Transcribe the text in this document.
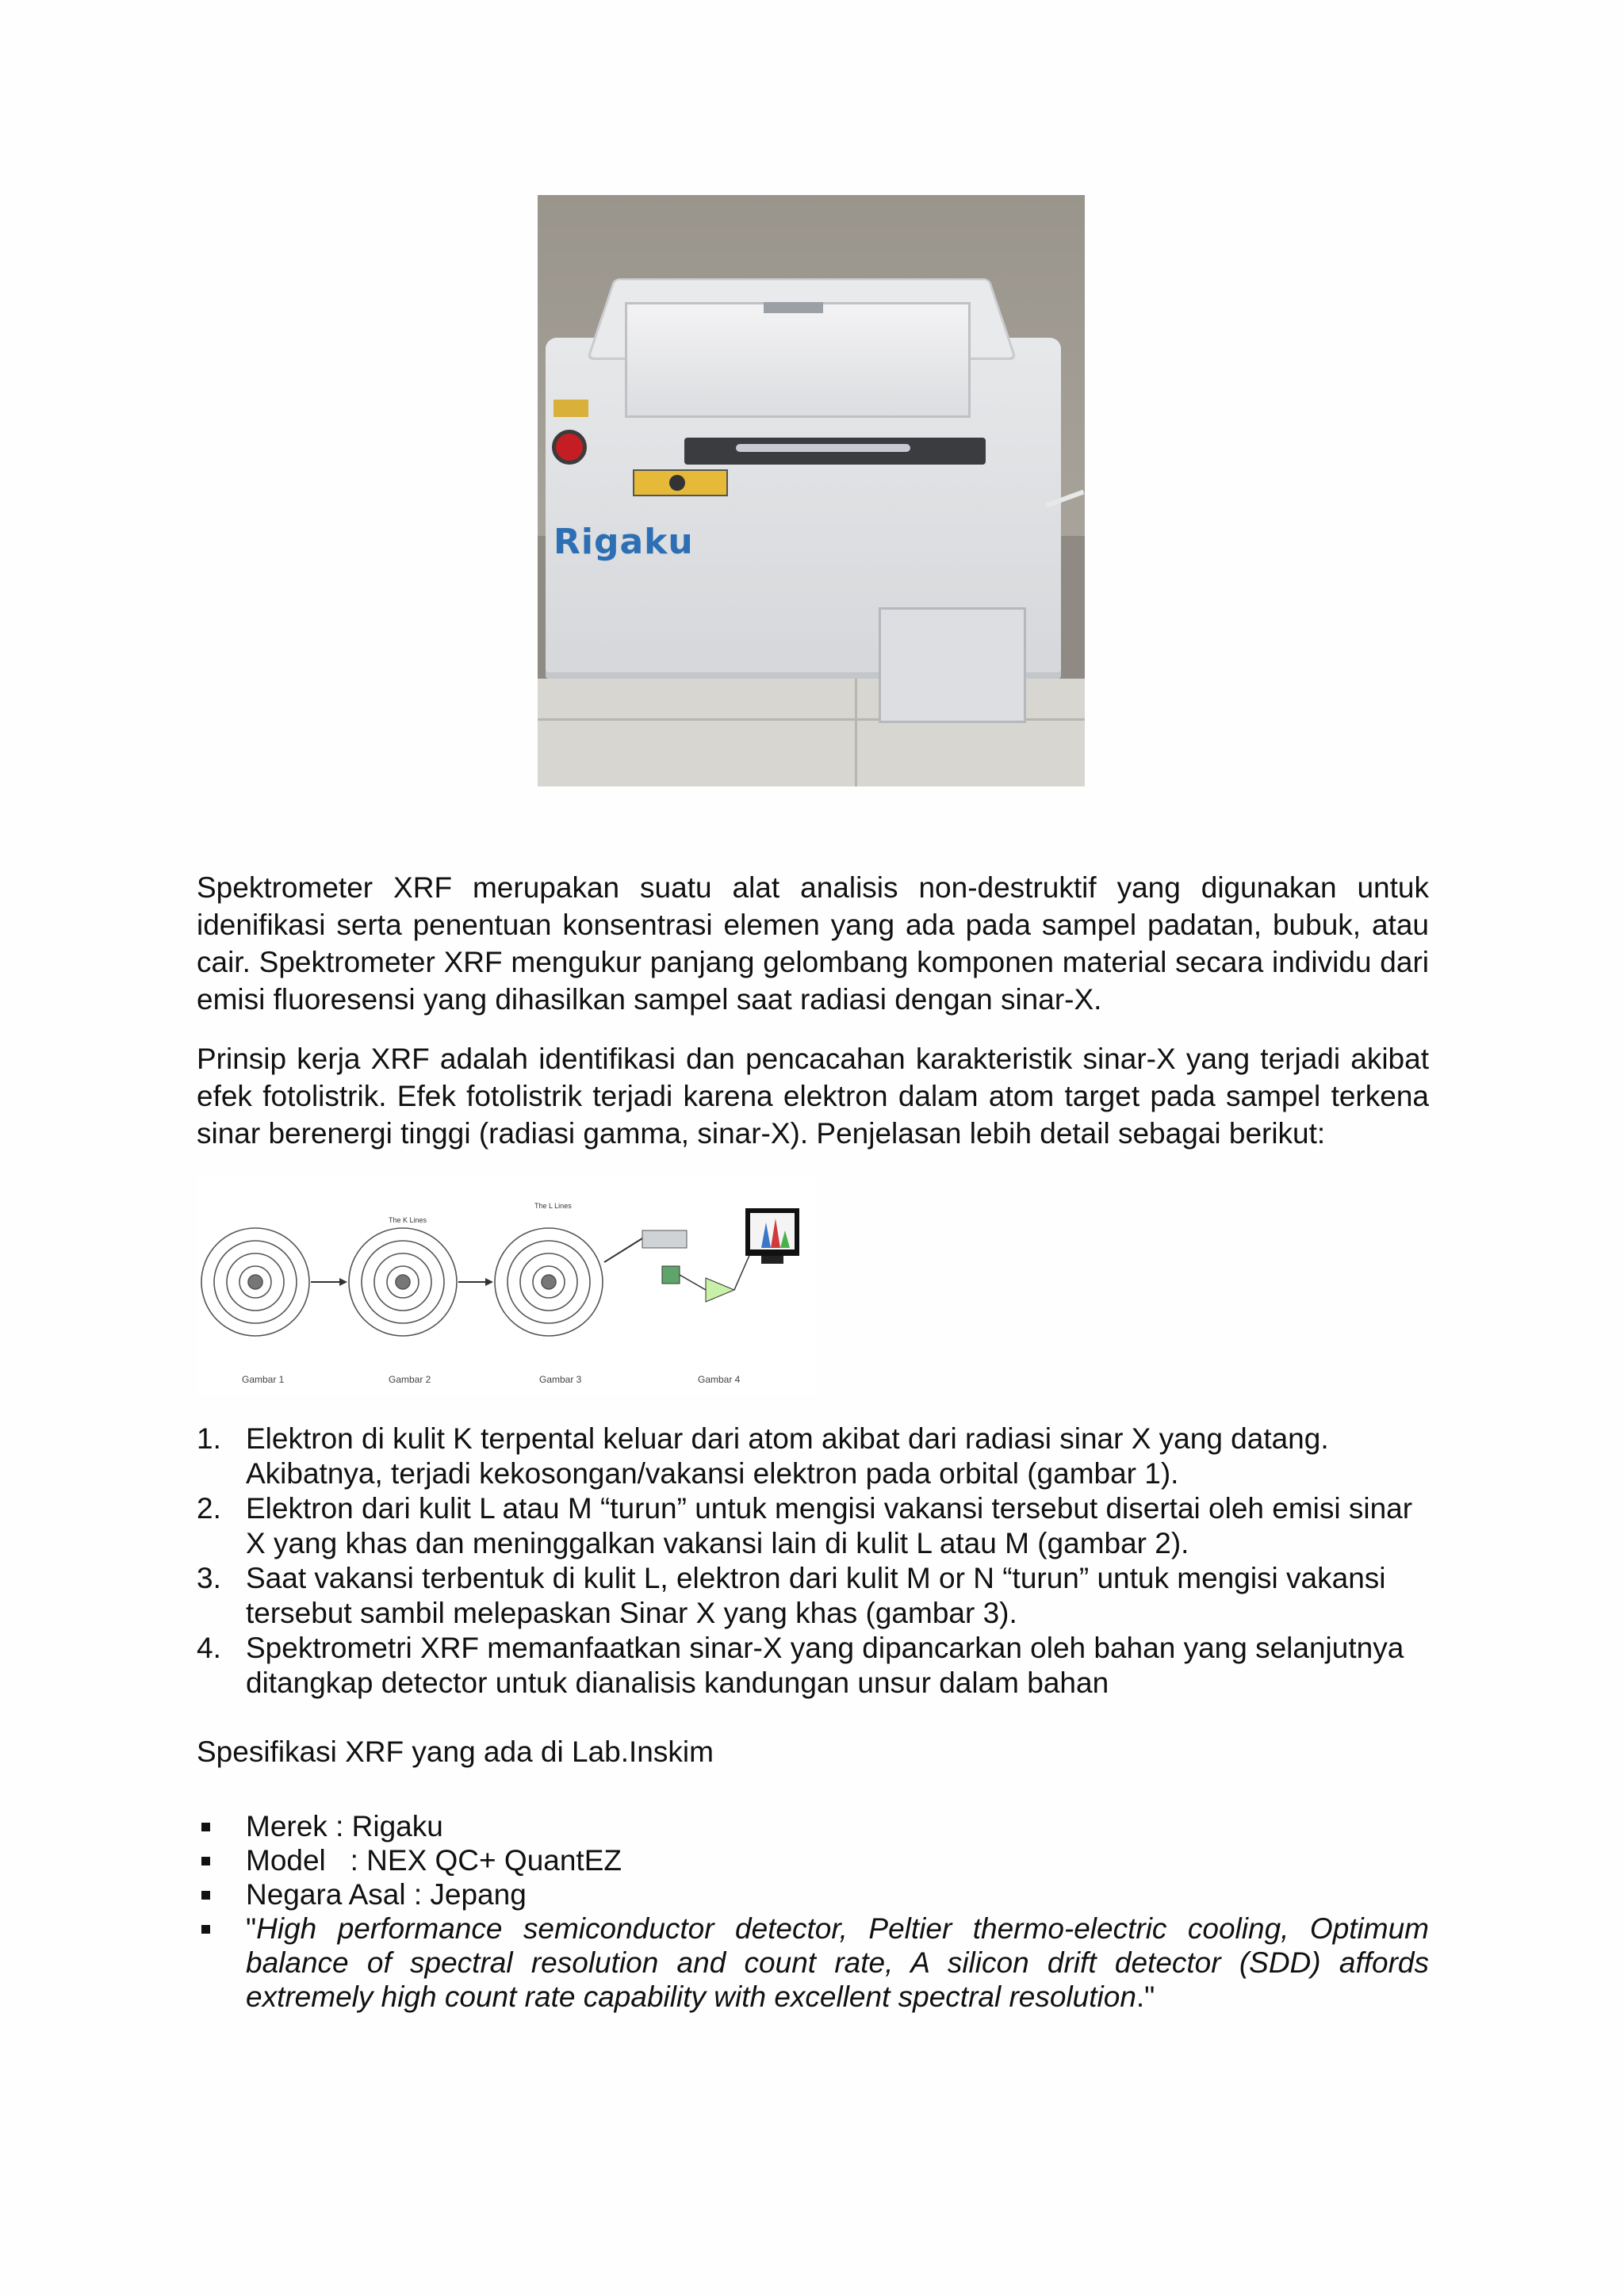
Rigaku

Spektrometer XRF merupakan suatu alat analisis non-destruktif yang digunakan untuk idenifikasi serta penentuan konsentrasi elemen yang ada pada sampel padatan, bubuk, atau cair. Spektrometer XRF mengukur panjang gelombang komponen material secara individu dari emisi fluoresensi yang dihasilkan sampel saat radiasi dengan sinar-X.

Prinsip kerja XRF adalah identifikasi dan pencacahan karakteristik sinar-X yang terjadi akibat efek fotolistrik. Efek fotolistrik terjadi karena elektron dalam atom target pada sampel terkena sinar berenergi tinggi (radiasi gamma, sinar-X). Penjelasan lebih detail sebagai berikut:

The K Lines
The L Lines
Gambar 1	Gambar 2	Gambar 3	Gambar 4
1. Elektron di kulit K terpental keluar dari atom akibat dari radiasi sinar X yang datang. Akibatnya, terjadi kekosongan/vakansi elektron pada orbital (gambar 1).
2. Elektron dari kulit L atau M “turun” untuk mengisi vakansi tersebut disertai oleh emisi sinar X yang khas dan meninggalkan vakansi lain di kulit L atau M (gambar 2).
3. Saat vakansi terbentuk di kulit L, elektron dari kulit M or N “turun” untuk mengisi vakansi tersebut sambil melepaskan Sinar X yang khas (gambar 3).
4. Spektrometri XRF memanfaatkan sinar-X yang dipancarkan oleh bahan yang selanjutnya ditangkap detector untuk dianalisis kandungan unsur dalam bahan

Spesifikasi XRF yang ada di Lab.Inskim

Merek : Rigaku
Model   : NEX QC+ QuantEZ
Negara Asal : Jepang
"High performance semiconductor detector, Peltier thermo-electric cooling, Optimum balance of spectral resolution and count rate, A silicon drift detector (SDD) affords extremely high count rate capability with excellent spectral resolution."
